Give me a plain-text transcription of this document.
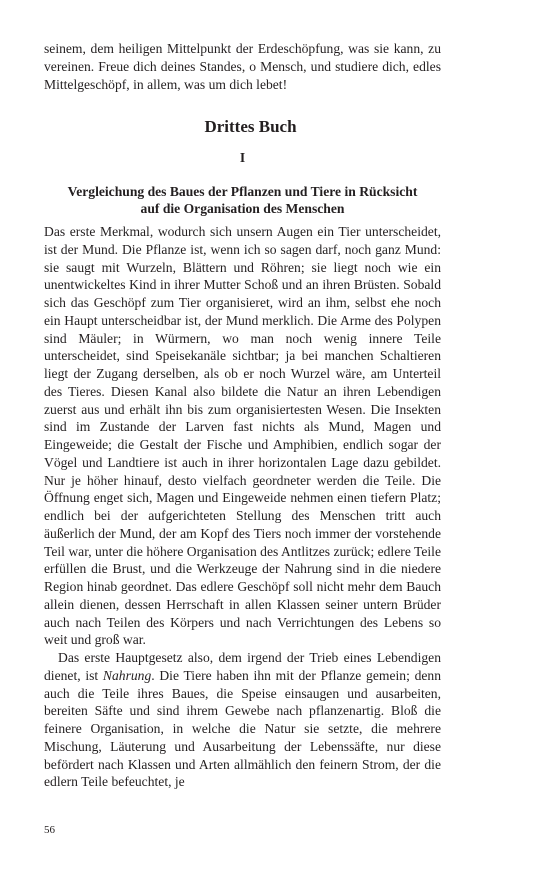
seinem, dem heiligen Mittelpunkt der Erdeschöpfung, was sie kann, zu vereinen. Freue dich deines Standes, o Mensch, und studiere dich, edles Mittelgeschöpf, in allem, was um dich lebet!

Drittes Buch
I
Vergleichung des Baues der Pflanzen und Tiere in Rücksicht
auf die Organisation des Menschen

Das erste Merkmal, wodurch sich unsern Augen ein Tier unterscheidet, ist der Mund. Die Pflanze ist, wenn ich so sagen darf, noch ganz Mund: sie saugt mit Wurzeln, Blättern und Röhren; sie liegt noch wie ein unentwickeltes Kind in ihrer Mutter Schoß und an ihren Brüsten. Sobald sich das Geschöpf zum Tier organisieret, wird an ihm, selbst ehe noch ein Haupt unterscheidbar ist, der Mund merklich. Die Arme des Polypen sind Mäuler; in Würmern, wo man noch wenig innere Teile unterscheidet, sind Speisekanäle sichtbar; ja bei manchen Schaltieren liegt der Zugang derselben, als ob er noch Wurzel wäre, am Unterteil des Tieres. Diesen Kanal also bildete die Natur an ihren Lebendigen zuerst aus und erhält ihn bis zum organisiertesten Wesen. Die Insekten sind im Zustande der Larven fast nichts als Mund, Magen und Eingeweide; die Gestalt der Fische und Amphibien, endlich sogar der Vögel und Landtiere ist auch in ihrer horizontalen Lage dazu gebildet. Nur je höher hinauf, desto vielfach geordneter werden die Teile. Die Öffnung enget sich, Magen und Eingeweide nehmen einen tiefern Platz; endlich bei der aufgerichteten Stellung des Menschen tritt auch äußerlich der Mund, der am Kopf des Tiers noch immer der vorstehende Teil war, unter die höhere Organisation des Antlitzes zurück; edlere Teile erfüllen die Brust, und die Werkzeuge der Nahrung sind in die niedere Region hinab geordnet. Das edlere Geschöpf soll nicht mehr dem Bauch allein dienen, dessen Herrschaft in allen Klassen seiner untern Brüder auch nach Teilen des Körpers und nach Verrichtungen des Lebens so weit und groß war.

Das erste Hauptgesetz also, dem irgend der Trieb eines Lebendigen dienet, ist Nahrung. Die Tiere haben ihn mit der Pflanze gemein; denn auch die Teile ihres Baues, die Speise einsaugen und ausarbeiten, bereiten Säfte und sind ihrem Gewebe nach pflanzenartig. Bloß die feinere Organisation, in welche die Natur sie setzte, die mehrere Mischung, Läuterung und Ausarbeitung der Lebenssäfte, nur diese befördert nach Klassen und Arten allmählich den feinern Strom, der die edlern Teile befeuchtet, je

56
